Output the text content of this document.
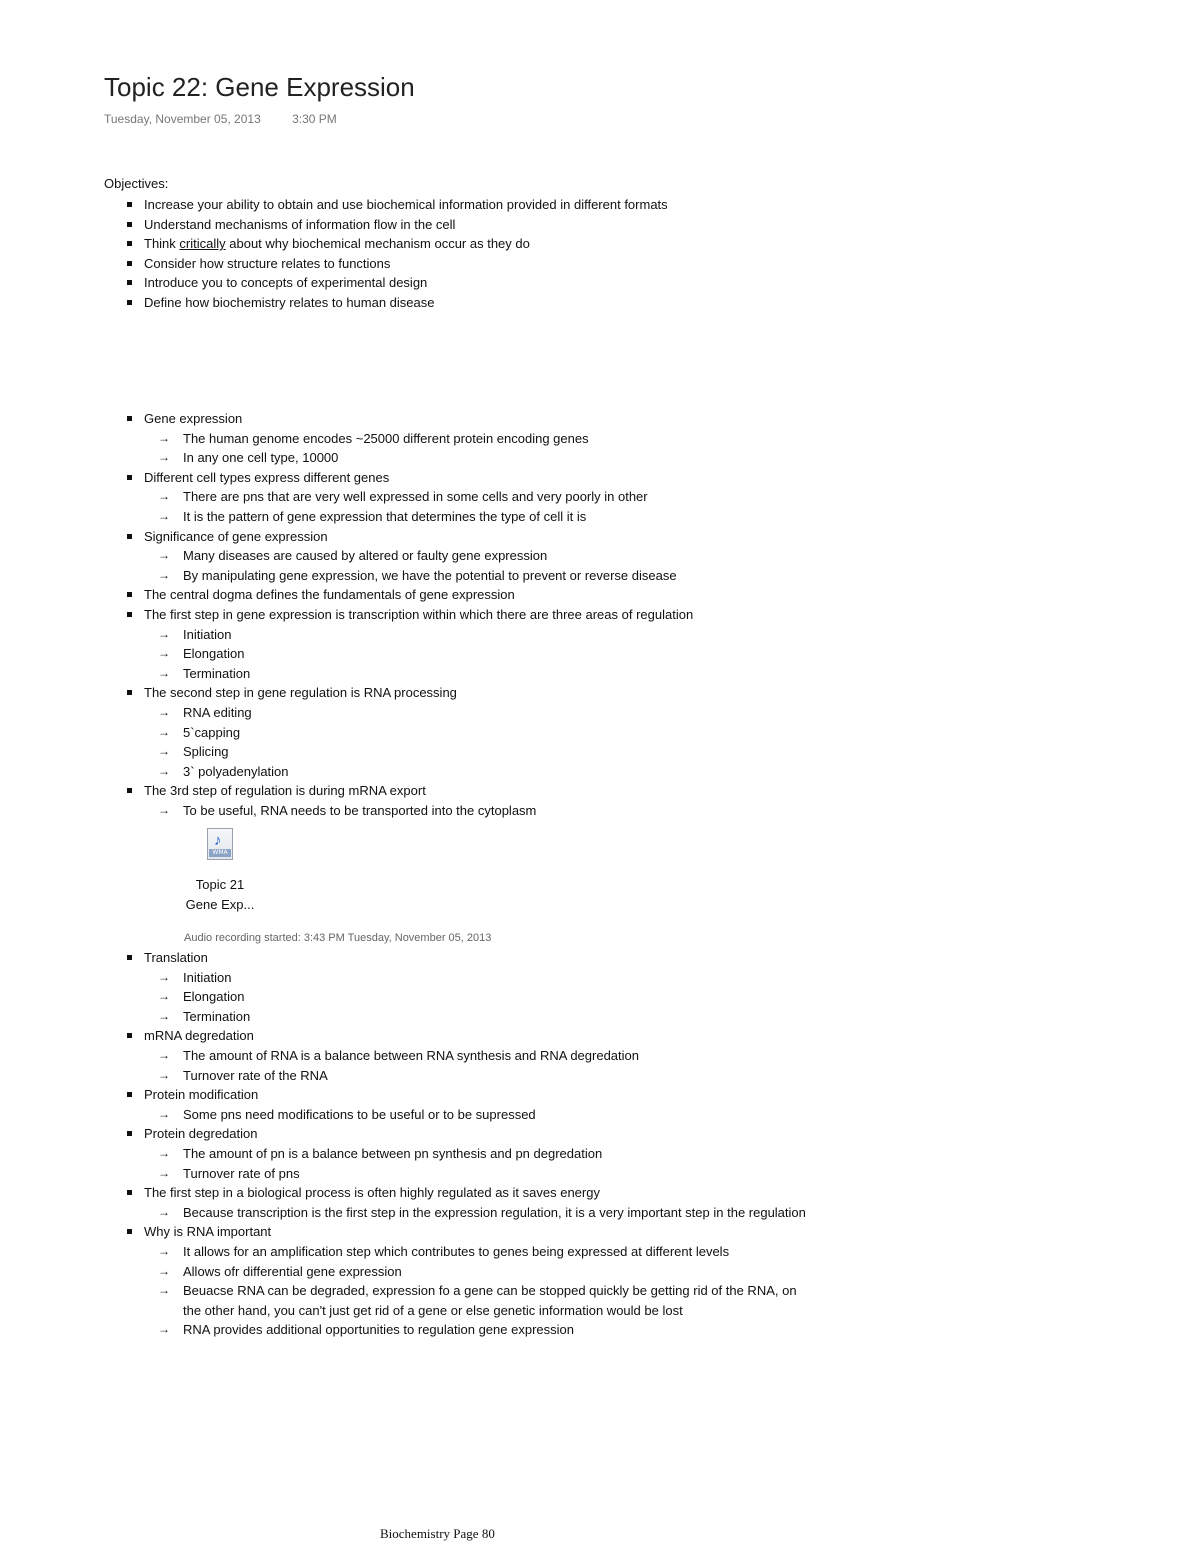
Topic 22: Gene Expression
Tuesday, November 05, 2013	3:30 PM
Objectives:
Increase your ability to obtain and use biochemical information provided in different formats
Understand mechanisms of information flow in the cell
Think critically about why biochemical mechanism occur as they do
Consider how structure relates to functions
Introduce you to concepts of experimental design
Define how biochemistry relates to human disease
Gene expression
→ The human genome encodes ~25000 different protein encoding genes
→ In any one cell type, 10000
Different cell types express different genes
→ There are pns that are very well expressed in some cells and very poorly in other
→ It is the pattern of gene expression that determines the type of cell it is
Significance of gene expression
→ Many diseases are caused by altered or faulty gene expression
→ By manipulating gene expression, we have the potential to prevent or reverse disease
The central dogma defines the fundamentals of gene expression
The first step in gene expression is transcription within which there are three areas of regulation
→ Initiation
→ Elongation
→ Termination
The second step in gene regulation is RNA processing
→ RNA editing
→ 5`capping
→ Splicing
→ 3` polyadenylation
The 3rd step of regulation is during mRNA export
→ To be useful, RNA needs to be transported into the cytoplasm
♪
WMA
Topic 21
Gene Exp...
Audio recording started: 3:43 PM Tuesday, November 05, 2013
Translation
→ Initiation
→ Elongation
→ Termination
mRNA degredation
→ The amount of RNA is a balance between RNA synthesis and RNA degredation
→ Turnover rate of the RNA
Protein modification
→ Some pns need modifications to be useful or to be supressed
Protein degredation
→ The amount of pn is a balance between pn synthesis and pn degredation
→ Turnover rate of pns
The first step in a biological process is often highly regulated as it saves energy
→ Because transcription is the first step in the expression regulation, it is a very important step in the regulation
Why is RNA important
→ It allows for an amplification step which contributes to genes being expressed at different levels
→ Allows ofr differential gene expression
→ Beuacse RNA can be degraded, expression fo a gene can be stopped quickly be getting rid of the RNA, on the other hand, you can't just get rid of a gene or else genetic information would be lost
→ RNA provides additional opportunities to regulation gene expression
Biochemistry Page 80
